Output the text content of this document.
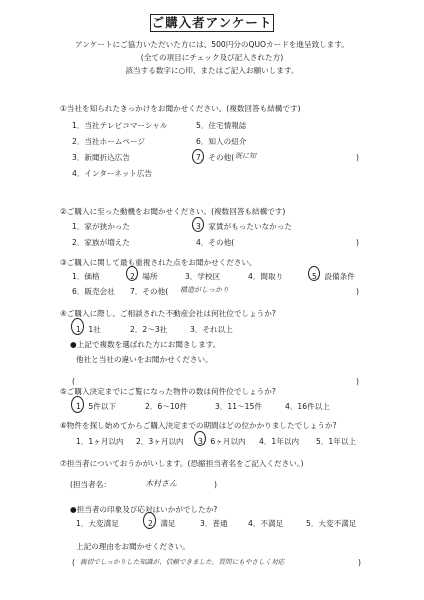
ご購入者アンケート
アンケートにご協力いただいた方には、500円分のQUOカードを進呈致します。
(全ての項目にチェック及び記入された方)
該当する数字に○印、またはご記入お願いします。
①当社を知られたきっかけをお聞かせください。(複数回答も結構です)
1．当社テレビコマーシャル	5．住宅情報誌
2．当社ホームページ	6．知人の紹介
3．新聞折込広告	7．その他( 既に知	)
4．インターネット広告
②ご購入に至った動機をお聞かせください。(複数回答も結構です)
1．家が狭かった	3．家賃がもったいなかった
2．家族が増えた	4．その他(	)
③ご購入に関して最も重視された点をお聞かせください。
1．価格	2．場所	3．学校区	4．間取り	5．設備条件
6．販売会社 7．その他( 構造がしっかり	)
④ご購入に際し、ご相談された不動産会社は何社位でしょうか?
1．1社	2．2～3社	3．それ以上
●上記で複数を選ばれた方にお聞きします。
他社と当社の違いをお聞かせください。
(	)
⑤ご購入決定までにご覧になった物件の数は何件位でしょうか?
1．5件以下	2．6～10件	3．11～15件	4．16件以上
⑥物件を探し始めてからご購入決定までの期間はどの位かかりましたでしょうか?
1．1ヶ月以内 2．3ヶ月以内 3．6ヶ月以内 4．1年以内 5．1年以上
⑦担当者についておうかがいします。(恐縮担当者名をご記入ください。)
(担当者名：	木村さん	)
●担当者の印象及び応対はいかがでしたか?
1．大変満足	2．満足	3．普通	4．不満足	5．大変不満足
上記の理由をお聞かせください。
( 親切でしっかりした知識が、信頼できました。質問にもやさしく対応	)
